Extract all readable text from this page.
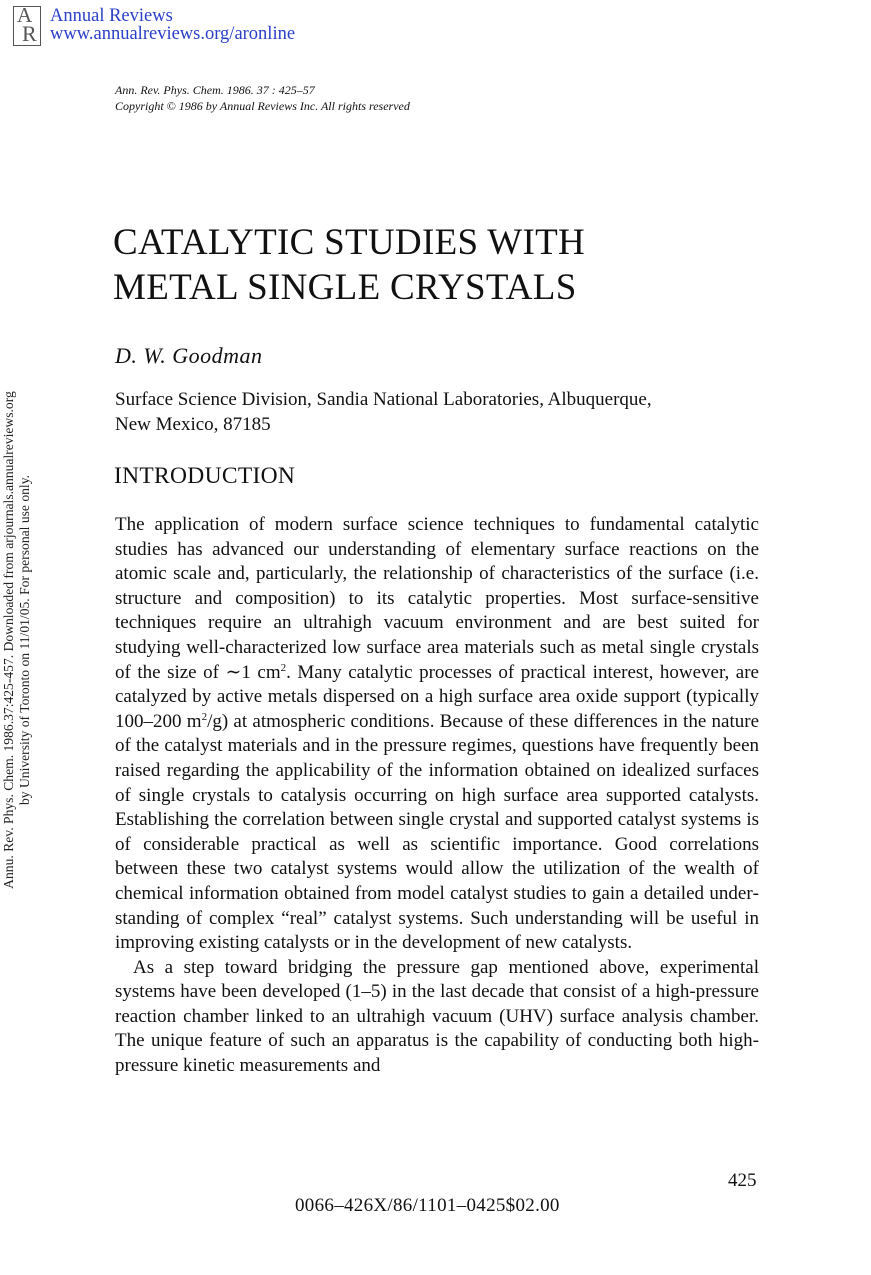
A
R
Annual Reviews
www.annualreviews.org/aronline
Ann. Rev. Phys. Chem. 1986. 37 : 425–57
Copyright © 1986 by Annual Reviews Inc. All rights reserved
CATALYTIC STUDIES WITH
METAL SINGLE CRYSTALS
D. W. Goodman
Surface Science Division, Sandia National Laboratories, Albuquerque,
New Mexico, 87185
INTRODUCTION

The application of modern surface science techniques to fundamental catalytic studies has advanced our understanding of elementary surface reactions on the atomic scale and, particularly, the relationship of characteristics of the surface (i.e. structure and composition) to its catalytic properties. Most surface-sensitive techniques require an ultrahigh vacuum environment and are best suited for studying well-characterized low surface area materials such as metal single crystals of the size of ∼1 $cm^2$. Many catalytic processes of practical interest, however, are catalyzed by active metals dispersed on a high surface area oxide support (typically 100–200 $m^2/g$) at atmospheric conditions. Because of these differences in the nature of the catalyst materials and in the pressure regimes, questions have frequently been raised regarding the applicability of the information obtained on idealized surfaces of single crystals to catalysis occurring on high surface area supported catalysts. Establishing the correlation between single crystal and supported catalyst systems is of considerable practical as well as scientific importance. Good correlations between these two catalyst systems would allow the utilization of the wealth of chemical information obtained from model catalyst studies to gain a detailed understanding of complex “real” catalyst systems. Such understanding will be useful in improving existing catalysts or in the development of new catalysts.

As a step toward bridging the pressure gap mentioned above, experimental systems have been developed (1–5) in the last decade that consist of a high-pressure reaction chamber linked to an ultrahigh vacuum (UHV) surface analysis chamber. The unique feature of such an apparatus is the capability of conducting both high-pressure kinetic measurements and

425
0066–426X/86/1101–0425$02.00
Annu. Rev. Phys. Chem. 1986.37:425-457. Downloaded from arjournals.annualreviews.org by University of Toronto on 11/01/05. For personal use only.
